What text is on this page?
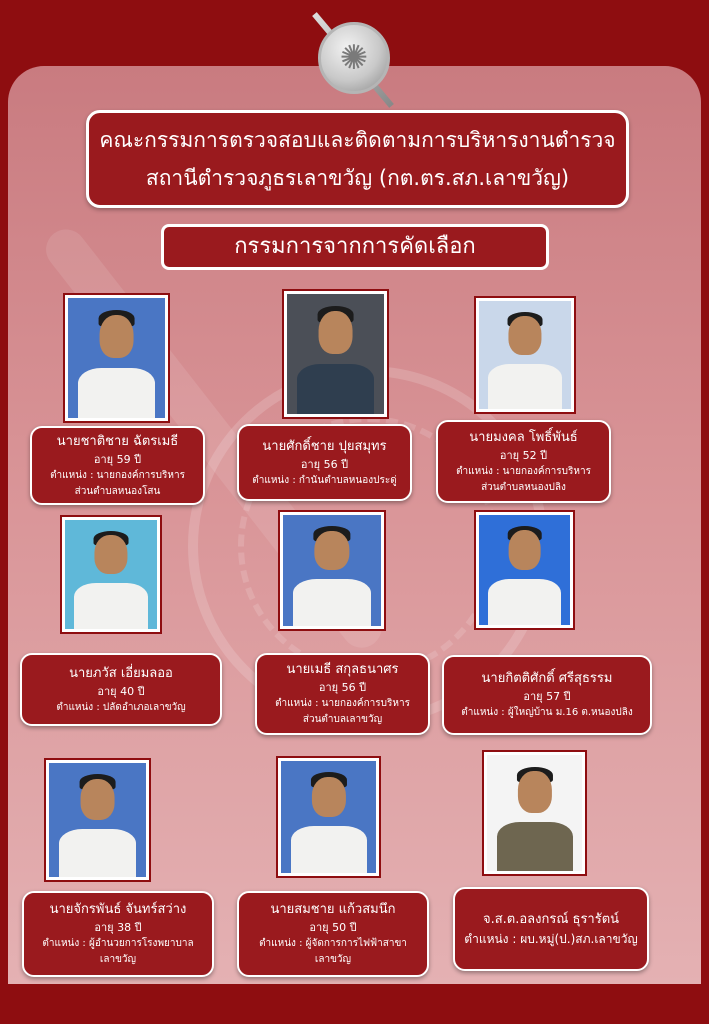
✺
คณะกรรมการตรวจสอบและติดตามการบริหารงานตำรวจ
สถานีตำรวจภูธรเลาขวัญ (กต.ตร.สภ.เลาขวัญ)
กรรมการจากการคัดเลือก
นายชาติชาย ฉัตรเมธี
อายุ 59 ปี
ตำแหน่ง : นายกองค์การบริหาร
ส่วนตำบลหนองโสน
นายศักดิ์ชาย ปุยสมุทร
อายุ 56 ปี
ตำแหน่ง : กำนันตำบลหนองประดู่
นายมงคล โพธิ์พันธ์
อายุ 52 ปี
ตำแหน่ง : นายกองค์การบริหาร
ส่วนตำบลหนองปลิง
นายภวัส เอี่ยมลออ
อายุ 40 ปี
ตำแหน่ง : ปลัดอำเภอเลาขวัญ
นายเมธี สกุลธนาศร
อายุ 56 ปี
ตำแหน่ง : นายกองค์การบริหาร
ส่วนตำบลเลาขวัญ
นายกิตติศักดิ์ ศรีสุธรรม
อายุ 57 ปี
ตำแหน่ง : ผู้ใหญ่บ้าน ม.16 ต.หนองปลิง
นายจักรพันธ์ จันทร์สว่าง
อายุ 38 ปี
ตำแหน่ง : ผู้อำนวยการโรงพยาบาล
เลาขวัญ
นายสมชาย แก้วสมนึก
อายุ 50 ปี
ตำแหน่ง : ผู้จัดการการไฟฟ้าสาขา
เลาขวัญ
จ.ส.ต.อลงกรณ์ ธุรารัตน์
ตำแหน่ง : ผบ.หมู่(ป.)สภ.เลาขวัญ
